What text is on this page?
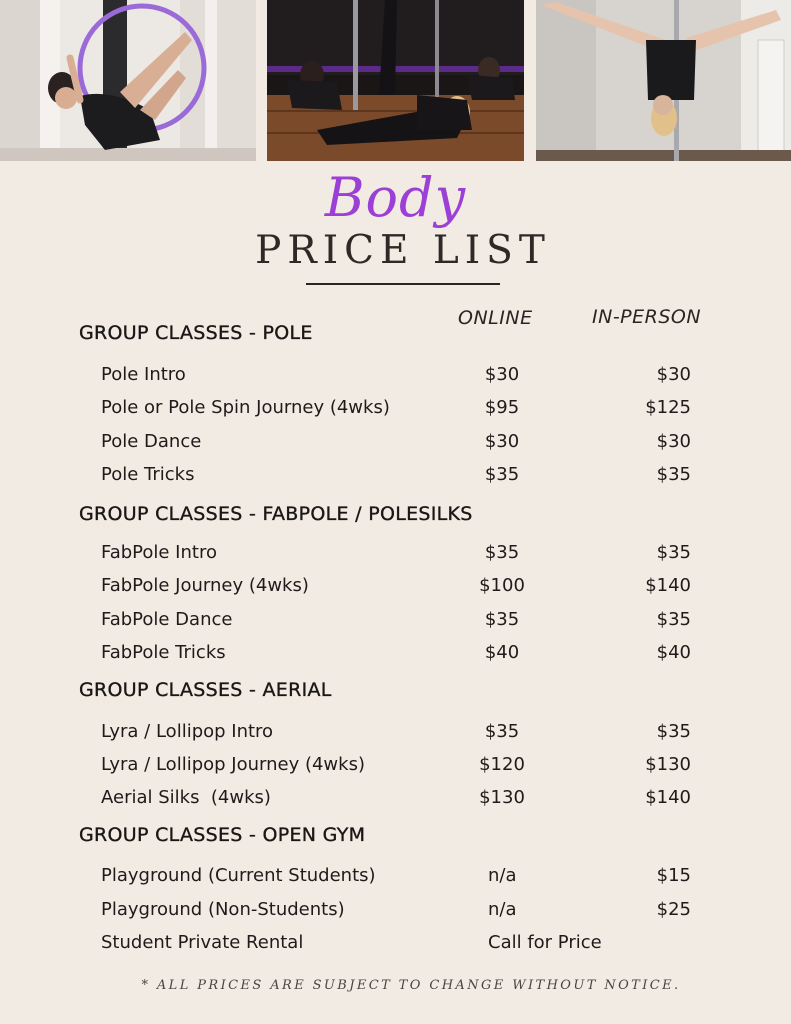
Body
PRICE LIST
ONLINE	IN-PERSON
GROUP CLASSES - POLE
Pole Intro	$30	$30
Pole or Pole Spin Journey (4wks)	$95	$125
Pole Dance	$30	$30
Pole Tricks	$35	$35
GROUP CLASSES - FABPOLE / POLESILKS
FabPole Intro	$35	$35
FabPole Journey (4wks)	$100	$140
FabPole Dance	$35	$35
FabPole Tricks	$40	$40
GROUP CLASSES - AERIAL
Lyra / Lollipop Intro	$35	$35
Lyra / Lollipop Journey (4wks)	$120	$130
Aerial Silks  (4wks)	$130	$140
GROUP CLASSES - OPEN GYM
Playground (Current Students)	n/a	$15
Playground (Non-Students)	n/a	$25
Student Private Rental	Call for Price
* ALL PRICES ARE SUBJECT TO CHANGE WITHOUT NOTICE.
